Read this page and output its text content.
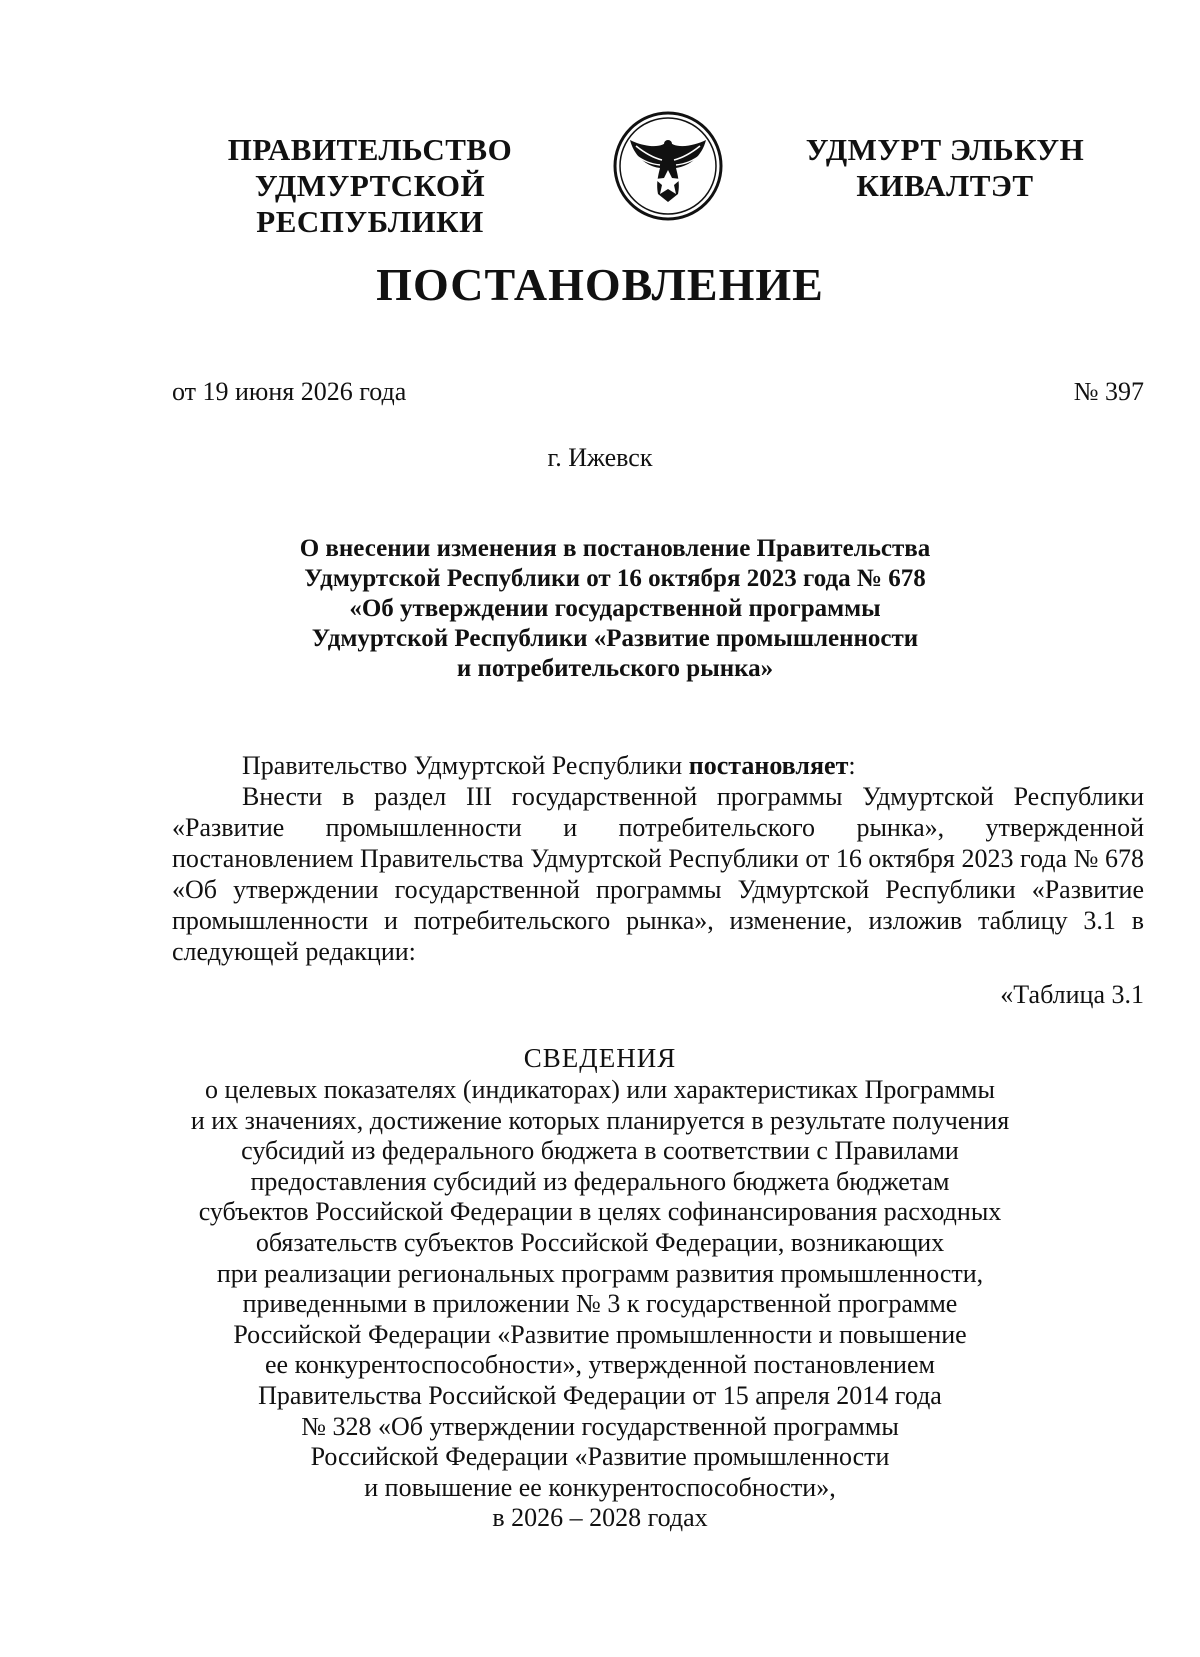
ПРАВИТЕЛЬСТВО
УДМУРТСКОЙ РЕСПУБЛИКИ
УДМУРТ ЭЛЬКУН
КИВАЛТЭТ
ПОСТАНОВЛЕНИЕ
от 19 июня 2026 года	№ 397
г. Ижевск
О внесении изменения в постановление Правительства
Удмуртской Республики от 16 октября 2023 года № 678
«Об утверждении государственной программы
Удмуртской Республики «Развитие промышленности
и потребительского рынка»

Правительство Удмуртской Республики постановляет:

Внести в раздел III государственной программы Удмуртской Республики «Развитие промышленности и потребительского рынка», утвержденной постановлением Правительства Удмуртской Республики от 16 октября 2023 года № 678 «Об утверждении государственной программы Удмуртской Республики «Развитие промышленности и потребительского рынка», изменение, изложив таблицу 3.1 в следующей редакции:

«Таблица 3.1
СВЕДЕНИЯ
о целевых показателях (индикаторах) или характеристиках Программы
и их значениях, достижение которых планируется в результате получения
субсидий из федерального бюджета в соответствии с Правилами
предоставления субсидий из федерального бюджета бюджетам
субъектов Российской Федерации в целях софинансирования расходных
обязательств субъектов Российской Федерации, возникающих
при реализации региональных программ развития промышленности,
приведенными в приложении № 3 к государственной программе
Российской Федерации «Развитие промышленности и повышение
ее конкурентоспособности», утвержденной постановлением
Правительства Российской Федерации от 15 апреля 2014 года
№ 328 «Об утверждении государственной программы
Российской Федерации «Развитие промышленности
и повышение ее конкурентоспособности»,
в 2026 – 2028 годах
